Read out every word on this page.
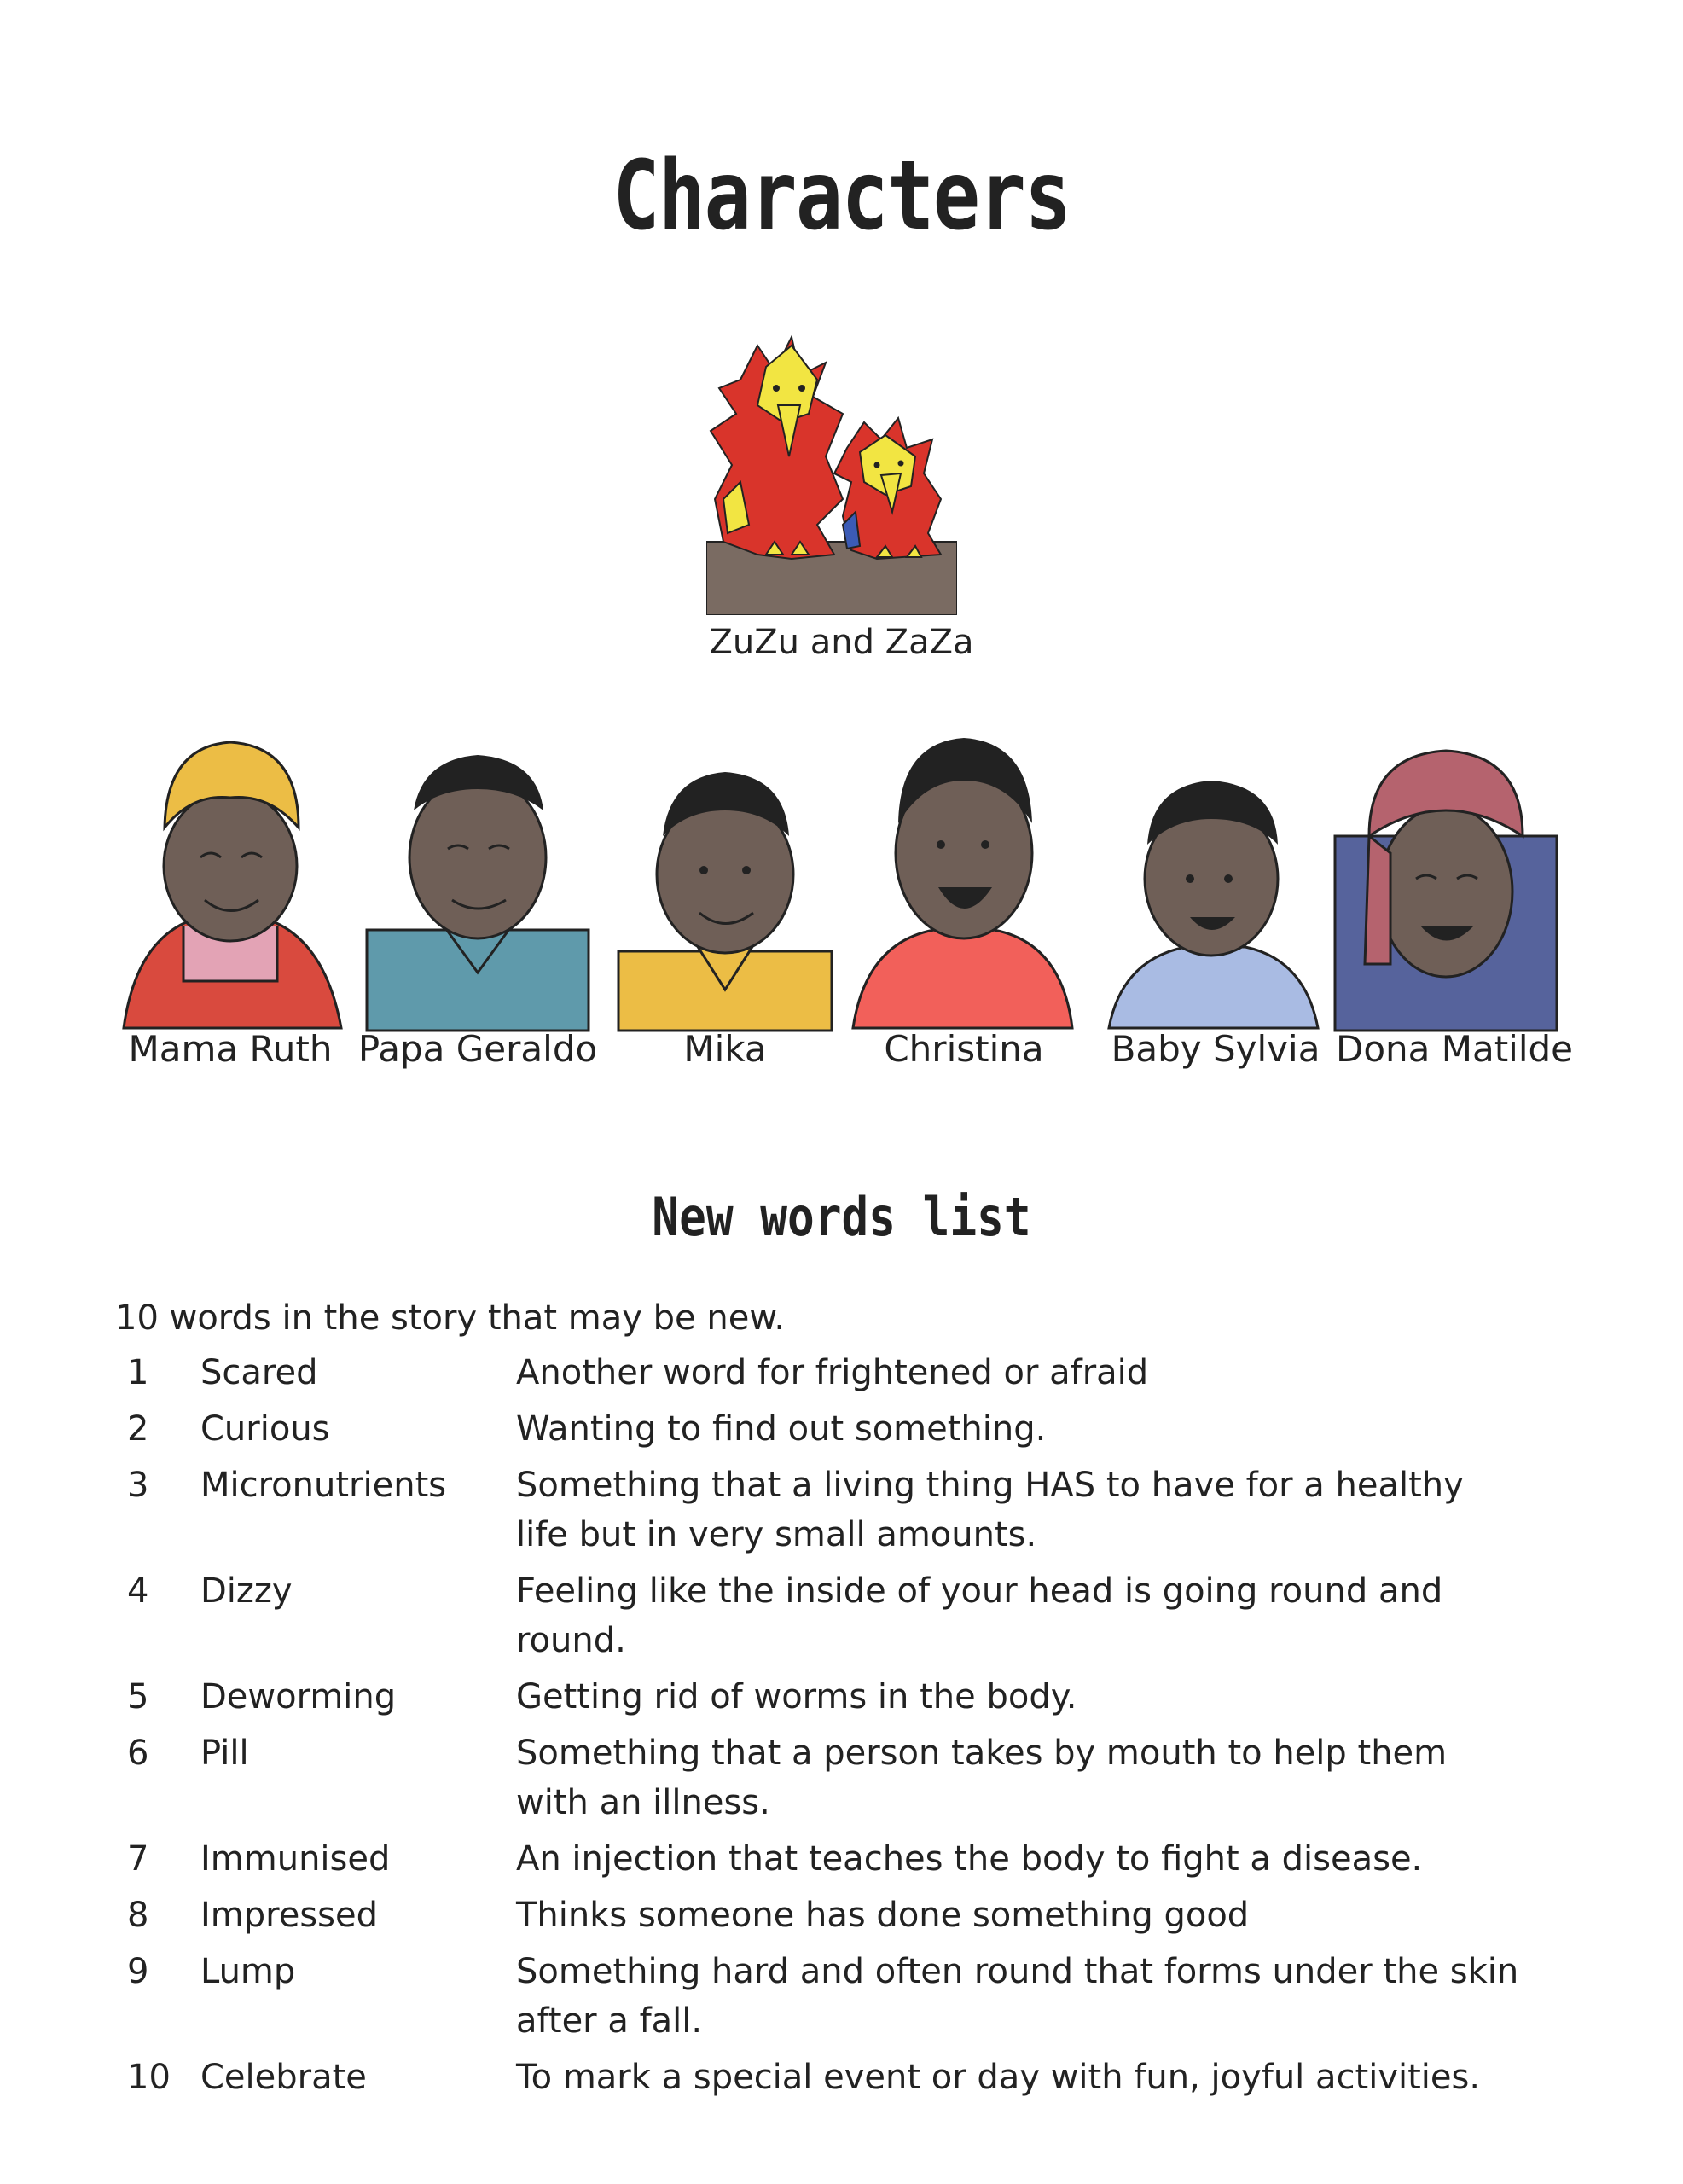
Characters
ZuZu and ZaZa
Mama Ruth Papa Geraldo	Mika	Christina	Baby Sylvia Dona Matilde
New words list
10 words in the story that may be new.
1	Scared	Another word for frightened or afraid
2	Curious	Wanting to find out something.
3	Micronutrients	Something that a living thing HAS to have for a healthy life but in very small amounts.
4	Dizzy	Feeling like the inside of your head is going round and round.
5	Deworming	Getting rid of worms in the body.
6	Pill	Something that a person takes by mouth to help them with an illness.
7	Immunised	An injection that teaches the body to fight a disease.
8	Impressed	Thinks someone has done something good
9	Lump	Something hard and often round that forms under the skin after a fall.
10 Celebrate	To mark a special event or day with fun, joyful activities.
